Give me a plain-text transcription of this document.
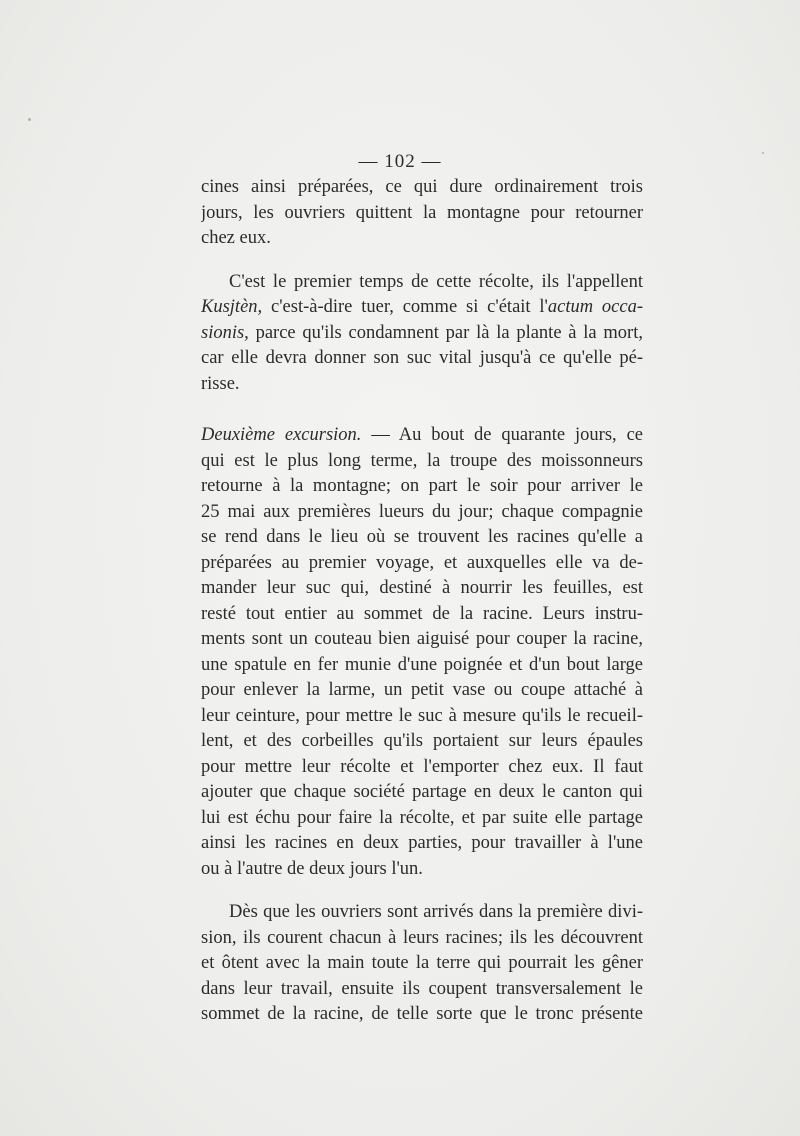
— 102 —
cines ainsi préparées, ce qui dure ordinairement trois
jours, les ouvriers quittent la montagne pour retourner
chez eux.
C'est le premier temps de cette récolte, ils l'appellent
Kusjtèn, c'est-à-dire tuer, comme si c'était l'actum occa-
sionis, parce qu'ils condamnent par là la plante à la mort,
car elle devra donner son suc vital jusqu'à ce qu'elle pé-
risse.
Deuxième excursion. — Au bout de quarante jours, ce
qui est le plus long terme, la troupe des moissonneurs
retourne à la montagne; on part le soir pour arriver le
25 mai aux premières lueurs du jour; chaque compagnie
se rend dans le lieu où se trouvent les racines qu'elle a
préparées au premier voyage, et auxquelles elle va de-
mander leur suc qui, destiné à nourrir les feuilles, est
resté tout entier au sommet de la racine. Leurs instru-
ments sont un couteau bien aiguisé pour couper la racine,
une spatule en fer munie d'une poignée et d'un bout large
pour enlever la larme, un petit vase ou coupe attaché à
leur ceinture, pour mettre le suc à mesure qu'ils le recueil-
lent, et des corbeilles qu'ils portaient sur leurs épaules
pour mettre leur récolte et l'emporter chez eux. Il faut
ajouter que chaque société partage en deux le canton qui
lui est échu pour faire la récolte, et par suite elle partage
ainsi les racines en deux parties, pour travailler à l'une
ou à l'autre de deux jours l'un.
Dès que les ouvriers sont arrivés dans la première divi-
sion, ils courent chacun à leurs racines; ils les découvrent
et ôtent avec la main toute la terre qui pourrait les gêner
dans leur travail, ensuite ils coupent transversalement le
sommet de la racine, de telle sorte que le tronc présente
